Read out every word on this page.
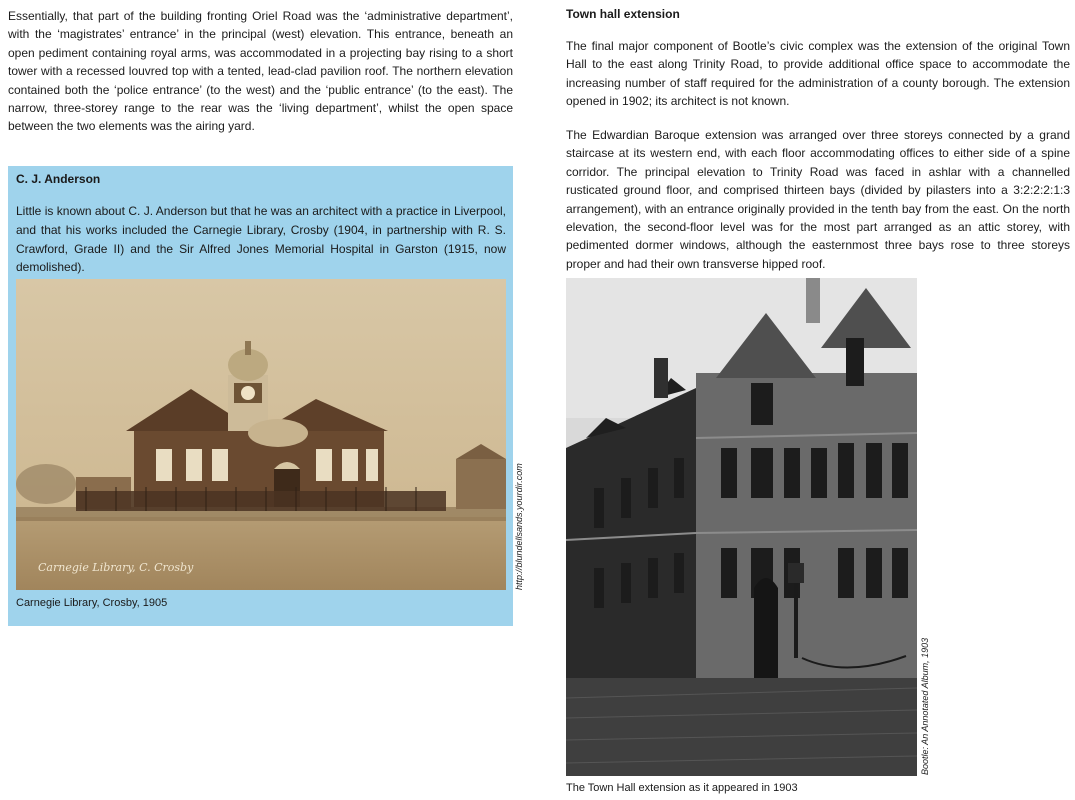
Essentially, that part of the building fronting Oriel Road was the ‘administrative department’, with the ‘magistrates’ entrance’ in the principal (west) elevation. This entrance, beneath an open pediment containing royal arms, was accommodated in a projecting bay rising to a short tower with a recessed louvred top with a tented, lead-clad pavilion roof. The northern elevation contained both the ‘police entrance’ (to the west) and the ‘public entrance’ (to the east). The narrow, three-storey range to the rear was the ‘living department’, whilst the open space between the two elements was the airing yard.

C. J. Anderson

Little is known about C. J. Anderson but that he was an architect with a practice in Liverpool, and that his works included the Carnegie Library, Crosby (1904, in partnership with R. S. Crawford, Grade II) and the Sir Alfred Jones Memorial Hospital in Garston (1915, now demolished).

Carnegie Library, C. Crosby

Carnegie Library, Crosby, 1905

http://blundellsands.yourdir.com
Town hall extension

The final major component of Bootle’s civic complex was the extension of the original Town Hall to the east along Trinity Road, to provide additional office space to accommodate the increasing number of staff required for the administration of a county borough. The extension opened in 1902; its architect is not known.

The Edwardian Baroque extension was arranged over three storeys connected by a grand staircase at its western end, with each floor accommodating offices to either side of a spine corridor. The principal elevation to Trinity Road was faced in ashlar with a channelled rusticated ground floor, and comprised thirteen bays (divided by pilasters into a 3:2:2:2:1:3 arrangement), with an entrance originally provided in the tenth bay from the east. On the north elevation, the second-floor level was for the most part arranged as an attic storey, with pedimented dormer windows, although the easternmost three bays rose to three storeys proper and had their own transverse hipped roof.

Bootle: An Annotated Album, 1903

The Town Hall extension as it appeared in 1903
